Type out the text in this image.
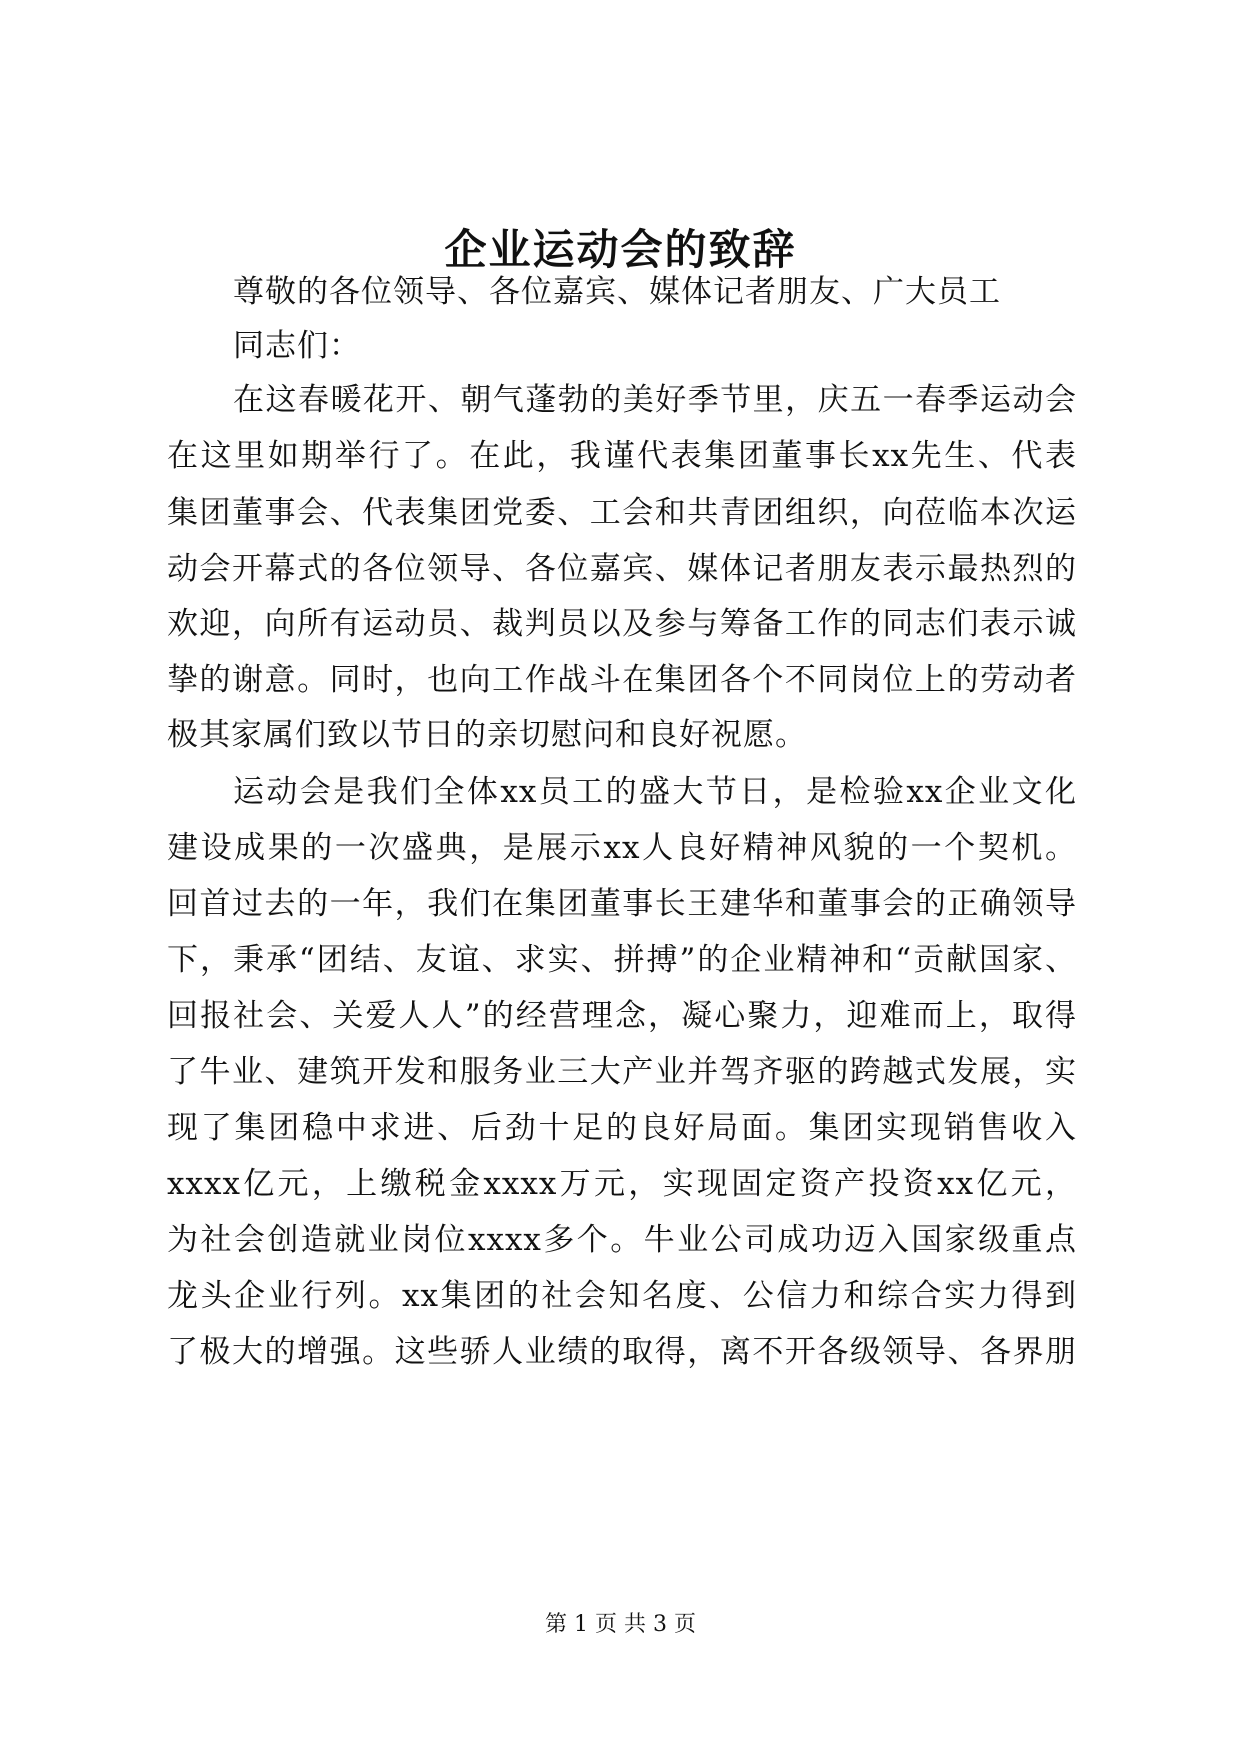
企业运动会的致辞

尊敬的各位领导、各位嘉宾、媒体记者朋友、广大员工

同志们：

在这春暖花开、朝气蓬勃的美好季节里，庆五一春季运动会

在这里如期举行了。在此，我谨代表集团董事长xx先生、代表

集团董事会、代表集团党委、工会和共青团组织，向莅临本次运

动会开幕式的各位领导、各位嘉宾、媒体记者朋友表示最热烈的

欢迎，向所有运动员、裁判员以及参与筹备工作的同志们表示诚

挚的谢意。同时，也向工作战斗在集团各个不同岗位上的劳动者

极其家属们致以节日的亲切慰问和良好祝愿。

运动会是我们全体xx员工的盛大节日，是检验xx企业文化

建设成果的一次盛典，是展示xx人良好精神风貌的一个契机。

回首过去的一年，我们在集团董事长王建华和董事会的正确领导

下，秉承“团结、友谊、求实、拼搏”的企业精神和“贡献国家、

回报社会、关爱人人”的经营理念，凝心聚力，迎难而上，取得

了牛业、建筑开发和服务业三大产业并驾齐驱的跨越式发展，实

现了集团稳中求进、后劲十足的良好局面。集团实现销售收入

xxxx亿元，上缴税金xxxx万元，实现固定资产投资xx亿元，

为社会创造就业岗位xxxx多个。牛业公司成功迈入国家级重点

龙头企业行列。xx集团的社会知名度、公信力和综合实力得到

了极大的增强。这些骄人业绩的取得，离不开各级领导、各界朋

第 1 页 共 3 页
